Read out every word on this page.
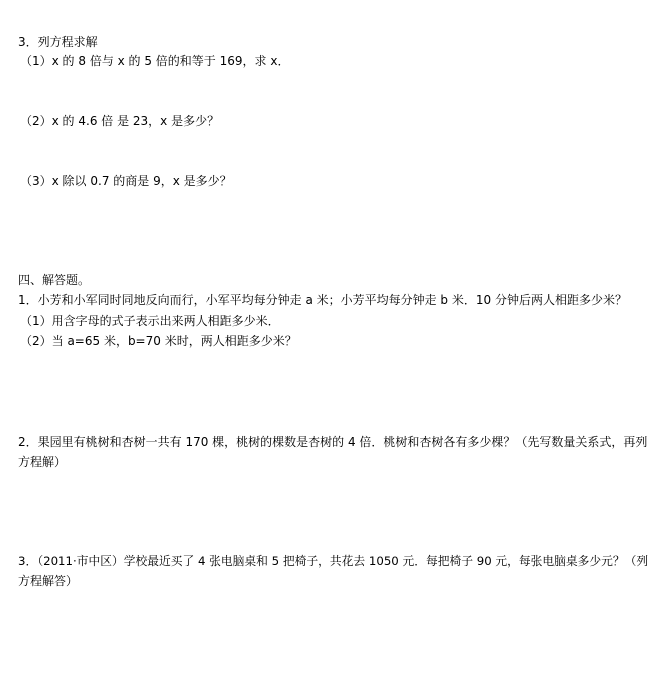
3．列方程求解
（1）x 的 8 倍与 x 的 5 倍的和等于 169，求 x．
（2）x 的 4.6 倍 是 23，x 是多少？
（3）x 除以 0.7 的商是 9，x 是多少？
四、解答题。
1．小芳和小军同时同地反向而行，小军平均每分钟走 a 米；小芳平均每分钟走 b 米．10 分钟后两人相距多少米？
（1）用含字母的式子表示出来两人相距多少米．
（2）当 a=65 米，b=70 米时，两人相距多少米？
2．果园里有桃树和杏树一共有 170 棵，桃树的棵数是杏树的 4 倍．桃树和杏树各有多少棵？（先写数量关系式，再列
方程解）
3．（2011·市中区）学校最近买了 4 张电脑桌和 5 把椅子，共花去 1050 元．每把椅子 90 元，每张电脑桌多少元？（列
方程解答）
